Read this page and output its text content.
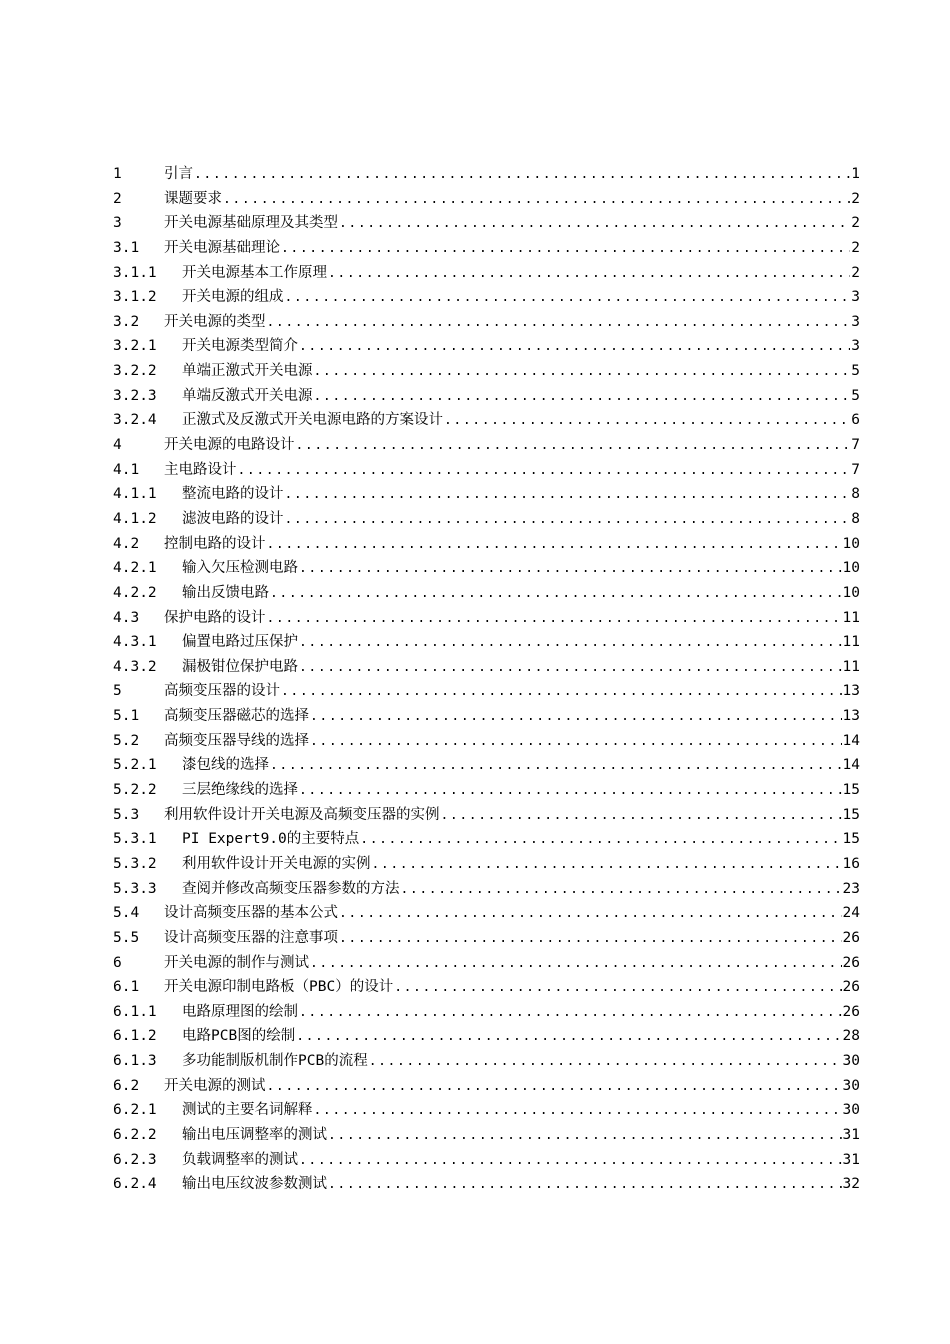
1	引言 .....	1
2	课题要求 .....	2
3	开关电源基础原理及其类型 .....	2
3.1	开关电源基础理论 .....	2
3.1.1	开关电源基本工作原理 .....	2
3.1.2	开关电源的组成 .....	3
3.2	开关电源的类型 .....	3
3.2.1	开关电源类型简介 .....	3
3.2.2	单端正激式开关电源 .....	5
3.2.3	单端反激式开关电源 .....	5
3.2.4	正激式及反激式开关电源电路的方案设计 .....	6
4	开关电源的电路设计 .....	7
4.1	主电路设计 .....	7
4.1.1	整流电路的设计 .....	8
4.1.2	滤波电路的设计 .....	8
4.2	控制电路的设计 .....	10
4.2.1	输入欠压检测电路 .....	10
4.2.2	输出反馈电路 .....	10
4.3	保护电路的设计 .....	11
4.3.1	偏置电路过压保护 .....	11
4.3.2	漏极钳位保护电路 .....	11
5	高频变压器的设计 .....	13
5.1	高频变压器磁芯的选择 .....	13
5.2	高频变压器导线的选择 .....	14
5.2.1	漆包线的选择 .....	14
5.2.2	三层绝缘线的选择 .....	15
5.3	利用软件设计开关电源及高频变压器的实例 .....	15
5.3.1	PI Expert9.0的主要特点 .....	15
5.3.2	利用软件设计开关电源的实例 .....	16
5.3.3	查阅并修改高频变压器参数的方法 .....	23
5.4	设计高频变压器的基本公式 .....	24
5.5	设计高频变压器的注意事项 .....	26
6	开关电源的制作与测试 .....	26
6.1	开关电源印制电路板（PBC）的设计 .....	26
6.1.1	电路原理图的绘制 .....	26
6.1.2	电路PCB图的绘制 .....	28
6.1.3	多功能制版机制作PCB的流程 .....	30
6.2	开关电源的测试 .....	30
6.2.1	测试的主要名词解释 .....	30
6.2.2	输出电压调整率的测试 .....	31
6.2.3	负载调整率的测试 .....	31
6.2.4	输出电压纹波参数测试 .....	32
